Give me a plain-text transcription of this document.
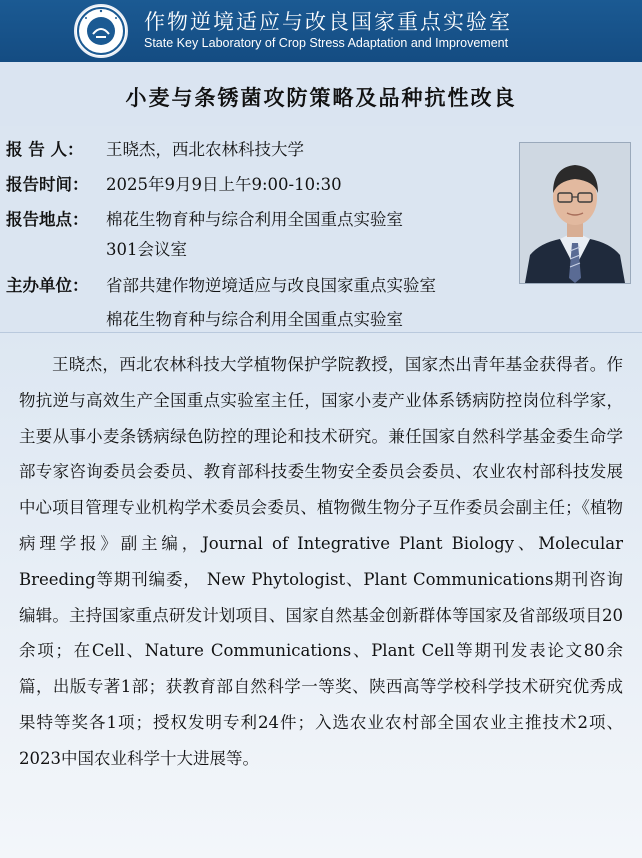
作物逆境适应与改良国家重点实验室
State Key Laboratory of Crop Stress Adaptation and Improvement
小麦与条锈菌攻防策略及品种抗性改良
报 告 人： 王晓杰，西北农林科技大学
报告时间： 2025年9月9日上午9:00-10:30
报告地点： 棉花生物育种与综合利用全国重点实验室
301会议室
主办单位： 省部共建作物逆境适应与改良国家重点实验室
棉花生物育种与综合利用全国重点实验室
王晓杰，西北农林科技大学植物保护学院教授，国家杰出青年基金获得者。作物抗逆与高效生产全国重点实验室主任，国家小麦产业体系锈病防控岗位科学家，主要从事小麦条锈病绿色防控的理论和技术研究。兼任国家自然科学基金委生命学部专家咨询委员会委员、教育部科技委生物安全委员会委员、农业农村部科技发展中心项目管理专业机构学术委员会委员、植物微生物分子互作委员会副主任；《植物病理学报》副主编，Journal of Integrative Plant Biology、Molecular Breeding等期刊编委， New Phytologist、Plant Communications期刊咨询编辑。主持国家重点研发计划项目、国家自然基金创新群体等国家及省部级项目20余项；在Cell、Nature Communications、Plant Cell等期刊发表论文80余篇，出版专著1部；获教育部自然科学一等奖、陕西高等学校科学技术研究优秀成果特等奖各1项；授权发明专利24件；入选农业农村部全国农业主推技术2项、2023中国农业科学十大进展等。
